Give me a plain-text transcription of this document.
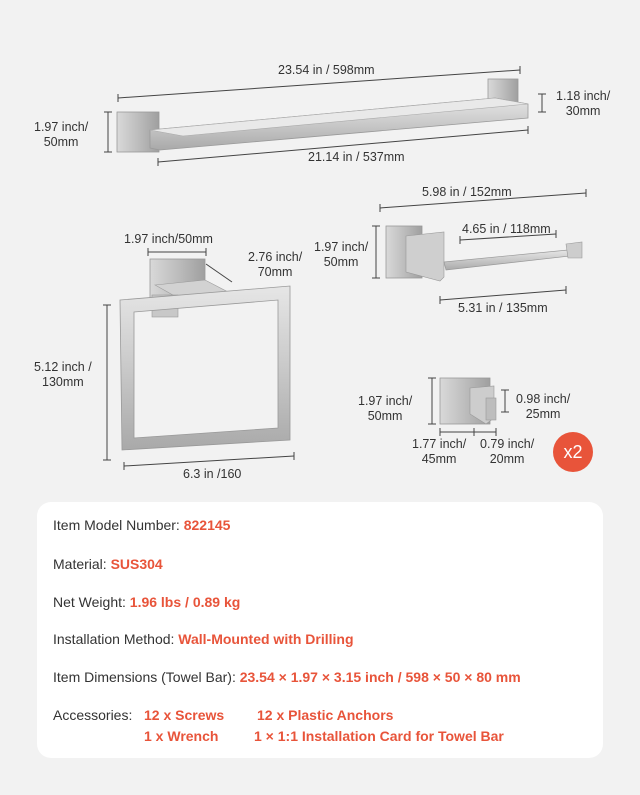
23.54 in / 598mm
1.97 inch/
50mm
1.18 inch/
30mm
21.14 in / 537mm
1.97 inch/50mm
2.76 inch/
70mm
5.12 inch /
130mm
6.3 in /160
5.98 in / 152mm
4.65 in / 118mm
1.97 inch/
50mm
5.31 in / 135mm
1.97 inch/
50mm
0.98 inch/
25mm
1.77 inch/
45mm
0.79 inch/
20mm	x2
Item Model Number: 822145
Material: SUS304
Net Weight: 1.96 lbs / 0.89 kg
Installation Method: Wall-Mounted with Drilling
Item Dimensions (Towel Bar): 23.54 × 1.97 × 3.15 inch / 598 × 50 × 80 mm
Accessories: 12 x Screws 12 x Plastic Anchors
1 x Wrench	1 × 1:1 Installation Card for Towel Bar
